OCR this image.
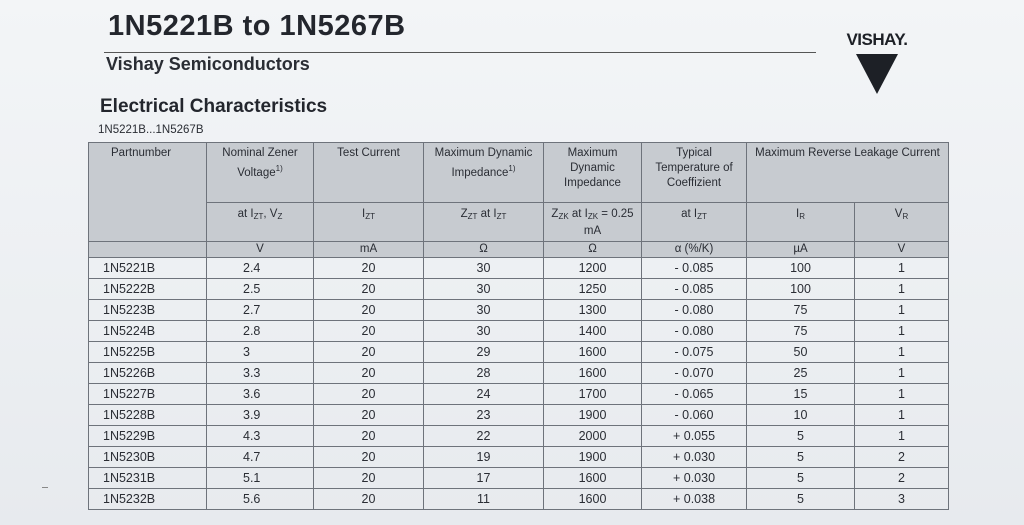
1N5221B to 1N5267B
Vishay Semiconductors
VISHAY.
Electrical Characteristics
1N5221B...1N5267B
Partnumber	Nominal Zener Voltage$^{1)}$	Test Current	Maximum Dynamic Impedance$^{1)}$	Maximum Dynamic Impedance	Typical Temperature of Coeffizient	Maximum Reverse Leakage Current	
	at $I_{ZT}$, $V_Z$	$I_{ZT}$	$Z_{ZT}$ at $I_{ZT}$	$Z_{ZK}$ at $I_{ZK} = 0.25$ mA	at $I_{ZT}$	$I_R$	$V_R$
	V	mA	Ω	Ω	α (%/K)	µA	V
1N5221B	2.4	20	30	1200	- 0.085	100	1
1N5222B	2.5	20	30	1250	- 0.085	100	1
1N5223B	2.7	20	30	1300	- 0.080	75	1
1N5224B	2.8	20	30	1400	- 0.080	75	1
1N5225B	3	20	29	1600	- 0.075	50	1
1N5226B	3.3	20	28	1600	- 0.070	25	1
1N5227B	3.6	20	24	1700	- 0.065	15	1
1N5228B	3.9	20	23	1900	- 0.060	10	1
1N5229B	4.3	20	22	2000	+ 0.055	5	1
1N5230B	4.7	20	19	1900	+ 0.030	5	2
1N5231B	5.1	20	17	1600	+ 0.030	5	2
1N5232B	5.6	20	11	1600	+ 0.038	5	3
